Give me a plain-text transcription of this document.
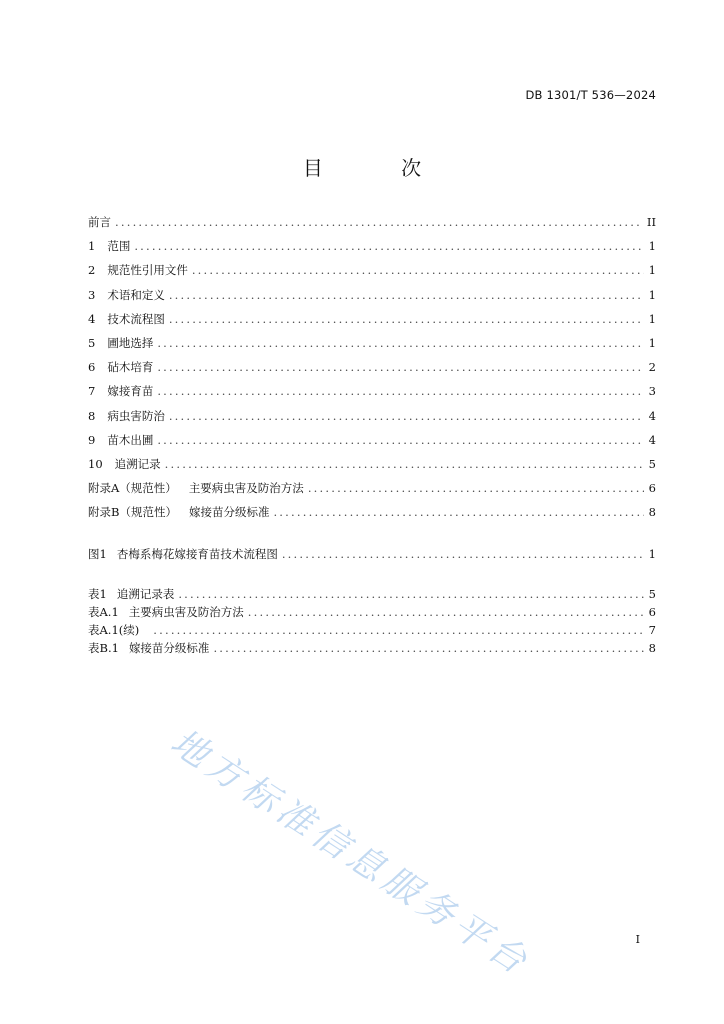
DB 1301/T 536—2024
目 次
前言 .....	II
1 范围 .....	1
2 规范性引用文件 .....	1
3 术语和定义 .....	1
4 技术流程图 .....	1
5 圃地选择 .....	1
6 砧木培育 .....	2
7 嫁接育苗 .....	3
8 病虫害防治 .....	4
9 苗木出圃 .....	4
10 追溯记录 .....	5
附录A（规范性） 主要病虫害及防治方法 .....	6
附录B（规范性） 嫁接苗分级标准 .....	8
图1 杏梅系梅花嫁接育苗技术流程图 .....	1
表1 追溯记录表 .....	5
表A.1 主要病虫害及防治方法 .....	6
表A.1(续) .....	7
表B.1 嫁接苗分级标准 .....	8
地方标准信息服务平台	I
